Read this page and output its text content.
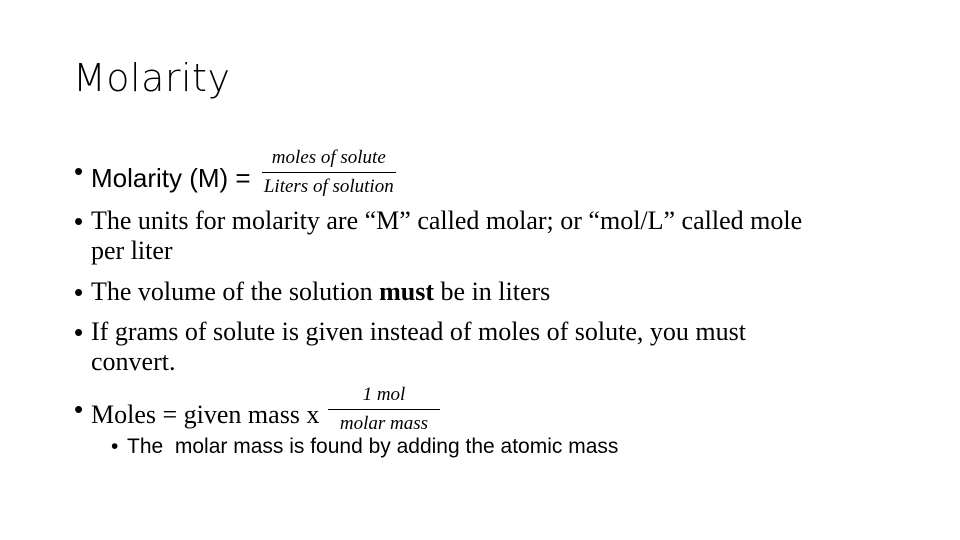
Molarity
• Molarity $(M) = \frac{\text{moles of solute}}{\text{Liters of solution}}$
• The units for molarity are “M” called molar; or “mol/L” called mole
per liter
• The volume of the solution must be in liters
• If grams of solute is given instead of moles of solute, you must
convert.
• Moles = given mass x $\frac{\text{1 mol}}{\text{molar mass}}$
• The  molar mass is found by adding the atomic mass
